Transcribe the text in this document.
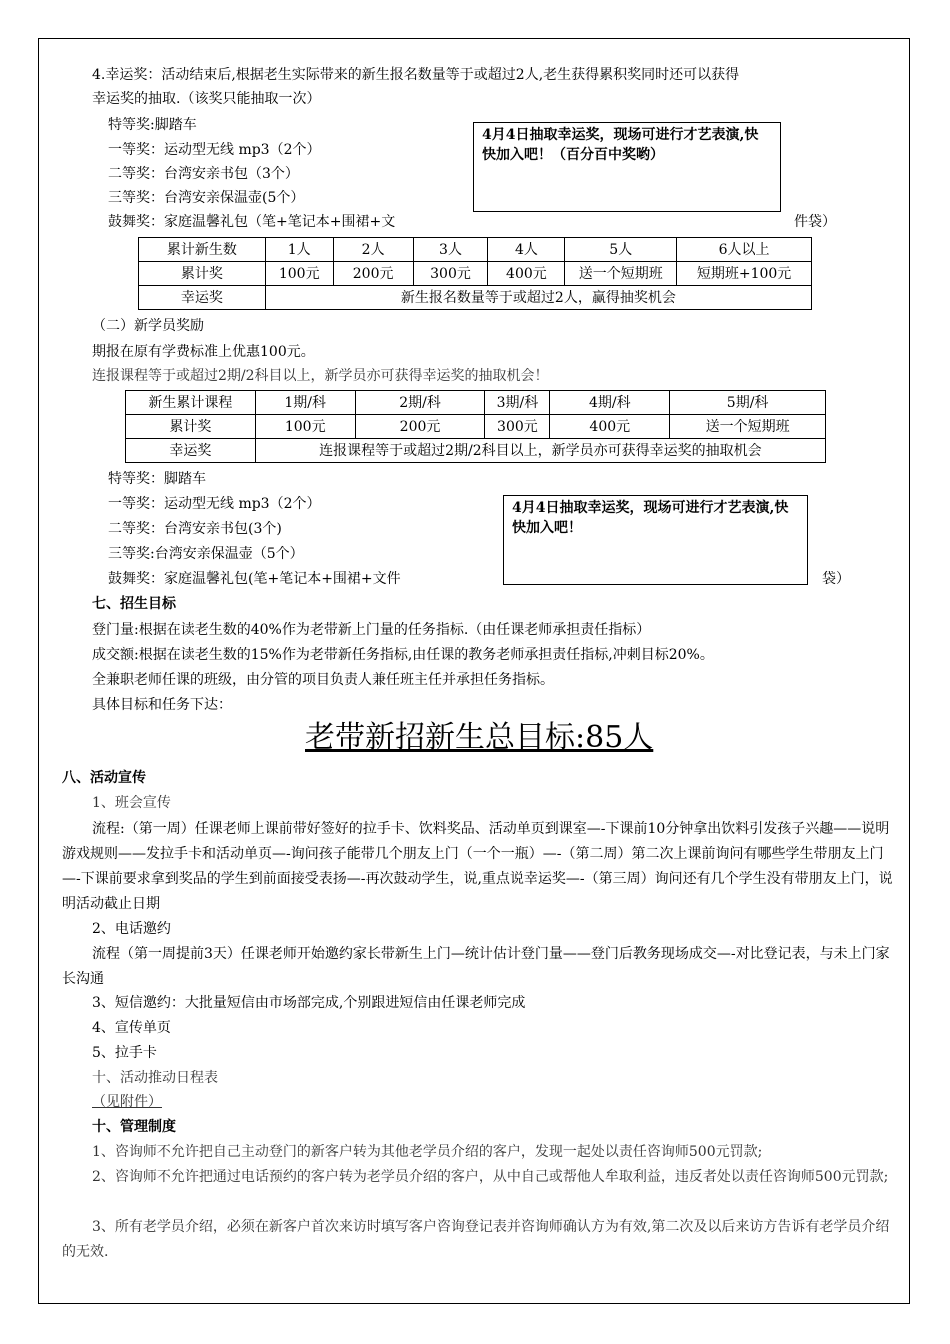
4.幸运奖：活动结束后,根据老生实际带来的新生报名数量等于或超过2人,老生获得累积奖同时还可以获得
幸运奖的抽取.（该奖只能抽取一次）
特等奖:脚踏车
一等奖：运动型无线 mp3（2个）
二等奖：台湾安亲书包（3个）
三等奖：台湾安亲保温壶(5个）
鼓舞奖：家庭温馨礼包（笔+笔记本+围裙+文	件袋）
4月4日抽取幸运奖，现场可进行才艺表演,快快加入吧！（百分百中奖哟）
累计新生数	1人	2人	3人	4人	5人	6人以上
累计奖	100元	200元	300元	400元	送一个短期班	短期班+100元
幸运奖	新生报名数量等于或超过2人，赢得抽奖机会					
（二）新学员奖励
期报在原有学费标准上优惠100元。
连报课程等于或超过2期/2科目以上，新学员亦可获得幸运奖的抽取机会！
新生累计课程	1期/科	2期/科	3期/科	4期/科	5期/科
累计奖	100元	200元	300元	400元	送一个短期班
幸运奖	连报课程等于或超过2期/2科目以上，新学员亦可获得幸运奖的抽取机会				
特等奖：脚踏车
一等奖：运动型无线 mp3（2个）
二等奖：台湾安亲书包(3个)
三等奖:台湾安亲保温壶（5个）
鼓舞奖：家庭温馨礼包(笔+笔记本+围裙+文件	袋）
4月4日抽取幸运奖，现场可进行才艺表演,快快加入吧！
七、招生目标
登门量:根据在读老生数的40%作为老带新上门量的任务指标.（由任课老师承担责任指标）
成交额:根据在读老生数的15%作为老带新任务指标,由任课的教务老师承担责任指标,冲刺目标20%。
全兼职老师任课的班级，由分管的项目负责人兼任班主任并承担任务指标。
具体目标和任务下达：
老带新招新生总目标:85人
八、活动宣传
1、班会宣传
流程:（第一周）任课老师上课前带好签好的拉手卡、饮料奖品、活动单页到课室—-下课前10分钟拿出饮料引发孩子兴趣——说明游戏规则——发拉手卡和活动单页—-询问孩子能带几个朋友上门（一个一瓶）—-（第二周）第二次上课前询问有哪些学生带朋友上门—-下课前要求拿到奖品的学生到前面接受表扬—-再次鼓动学生，说,重点说幸运奖—-（第三周）询问还有几个学生没有带朋友上门，说明活动截止日期
2、电话邀约
流程（第一周提前3天）任课老师开始邀约家长带新生上门—统计估计登门量——登门后教务现场成交—-对比登记表，与未上门家长沟通
3、短信邀约：大批量短信由市场部完成,个别跟进短信由任课老师完成
4、宣传单页
5、拉手卡
十、活动推动日程表
（见附件）
十、管理制度
1、咨询师不允许把自己主动登门的新客户转为其他老学员介绍的客户，发现一起处以责任咨询师500元罚款;
2、咨询师不允许把通过电话预约的客户转为老学员介绍的客户，从中自己或帮他人牟取利益，违反者处以责任咨询师500元罚款;
3、所有老学员介绍，必须在新客户首次来访时填写客户咨询登记表并咨询师确认方为有效,第二次及以后来访方告诉有老学员介绍的无效.
